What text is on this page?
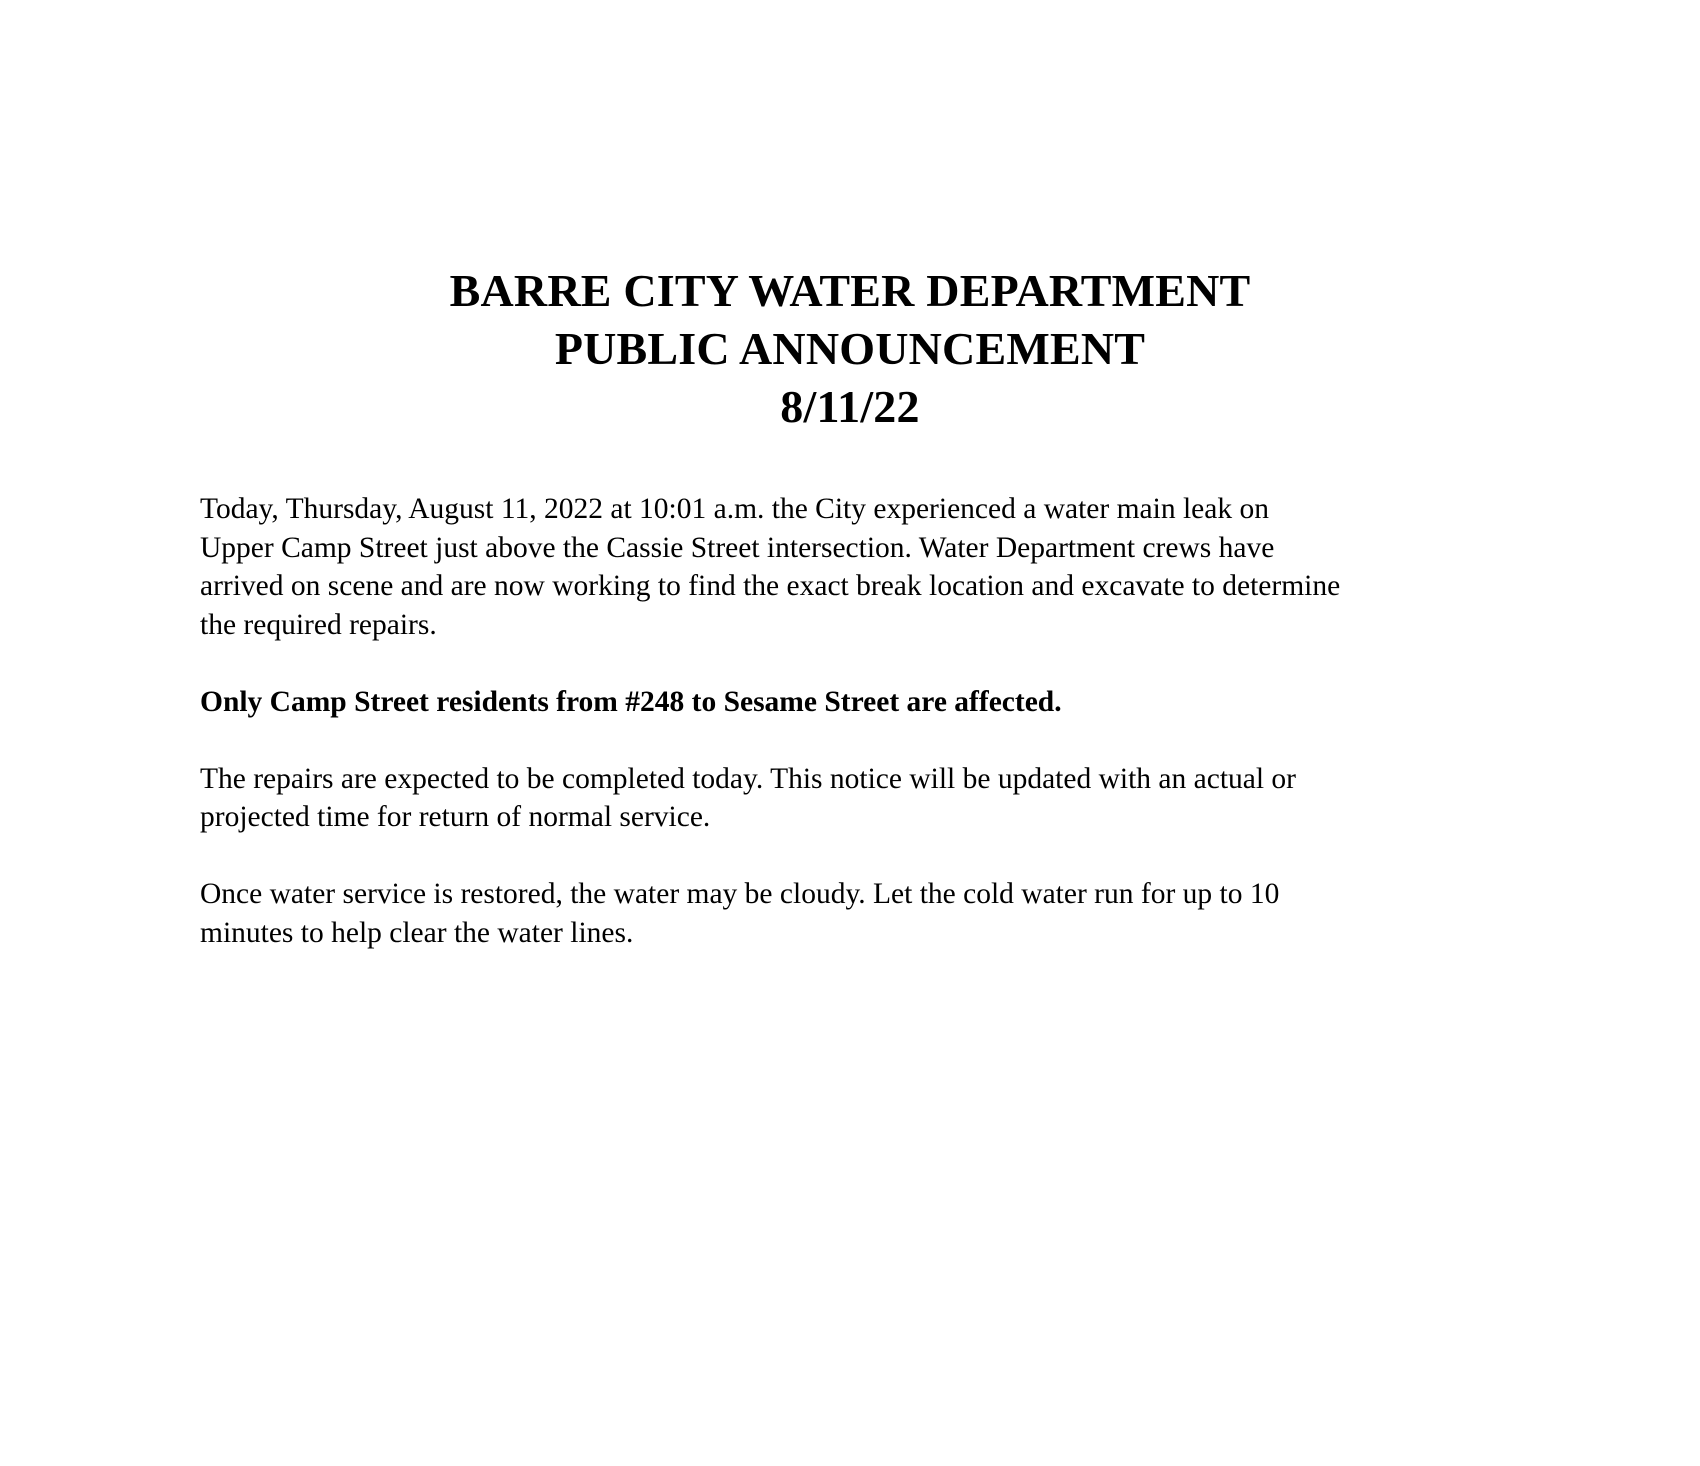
BARRE CITY WATER DEPARTMENT
PUBLIC ANNOUNCEMENT
8/11/22
Today, Thursday, August 11, 2022 at 10:01 a.m. the City experienced a water main leak on
Upper Camp Street just above the Cassie Street intersection. Water Department crews have
arrived on scene and are now working to find the exact break location and excavate to determine
the required repairs.
Only Camp Street residents from #248 to Sesame Street are affected.
The repairs are expected to be completed today. This notice will be updated with an actual or
projected time for return of normal service.
Once water service is restored, the water may be cloudy. Let the cold water run for up to 10
minutes to help clear the water lines.
